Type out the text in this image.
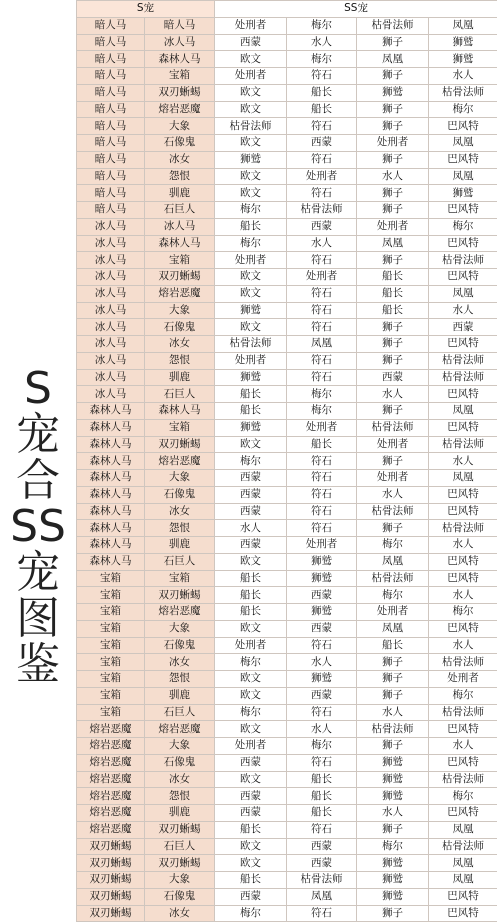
S
宠
合
SS
宠
图
鉴
S宠		SS宠			
暗人马	暗人马	处刑者	梅尔	枯骨法师	凤凰
暗人马	冰人马	西蒙	水人	狮子	狮鹫
暗人马	森林人马	欧文	梅尔	凤凰	狮鹫
暗人马	宝箱	处刑者	符石	狮子	水人
暗人马	双刃蜥蜴	欧文	船长	狮鹫	枯骨法师
暗人马	熔岩恶魔	欧文	船长	狮子	梅尔
暗人马	大象	枯骨法师	符石	狮子	巴风特
暗人马	石像鬼	欧文	西蒙	处刑者	凤凰
暗人马	冰女	狮鹫	符石	狮子	巴风特
暗人马	怨恨	欧文	处刑者	水人	凤凰
暗人马	驯鹿	欧文	符石	狮子	狮鹫
暗人马	石巨人	梅尔	枯骨法师	狮子	巴风特
冰人马	冰人马	船长	西蒙	处刑者	梅尔
冰人马	森林人马	梅尔	水人	凤凰	巴风特
冰人马	宝箱	处刑者	符石	狮子	枯骨法师
冰人马	双刃蜥蜴	欧文	处刑者	船长	巴风特
冰人马	熔岩恶魔	欧文	符石	船长	凤凰
冰人马	大象	狮鹫	符石	船长	水人
冰人马	石像鬼	欧文	符石	狮子	西蒙
冰人马	冰女	枯骨法师	凤凰	狮子	巴风特
冰人马	怨恨	处刑者	符石	狮子	枯骨法师
冰人马	驯鹿	狮鹫	符石	西蒙	枯骨法师
冰人马	石巨人	船长	梅尔	水人	巴风特
森林人马	森林人马	船长	梅尔	狮子	凤凰
森林人马	宝箱	狮鹫	处刑者	枯骨法师	巴风特
森林人马	双刃蜥蜴	欧文	船长	处刑者	枯骨法师
森林人马	熔岩恶魔	梅尔	符石	狮子	水人
森林人马	大象	西蒙	符石	处刑者	凤凰
森林人马	石像鬼	西蒙	符石	水人	巴风特
森林人马	冰女	西蒙	符石	枯骨法师	巴风特
森林人马	怨恨	水人	符石	狮子	枯骨法师
森林人马	驯鹿	西蒙	处刑者	梅尔	水人
森林人马	石巨人	欧文	狮鹫	凤凰	巴风特
宝箱	宝箱	船长	狮鹫	枯骨法师	巴风特
宝箱	双刃蜥蜴	船长	西蒙	梅尔	水人
宝箱	熔岩恶魔	船长	狮鹫	处刑者	梅尔
宝箱	大象	欧文	西蒙	凤凰	巴风特
宝箱	石像鬼	处刑者	符石	船长	水人
宝箱	冰女	梅尔	水人	狮子	枯骨法师
宝箱	怨恨	欧文	狮鹫	狮子	处刑者
宝箱	驯鹿	欧文	西蒙	狮子	梅尔
宝箱	石巨人	梅尔	符石	水人	枯骨法师
熔岩恶魔	熔岩恶魔	欧文	水人	枯骨法师	巴风特
熔岩恶魔	大象	处刑者	梅尔	狮子	水人
熔岩恶魔	石像鬼	西蒙	符石	狮鹫	巴风特
熔岩恶魔	冰女	欧文	船长	狮鹫	枯骨法师
熔岩恶魔	怨恨	西蒙	船长	狮鹫	梅尔
熔岩恶魔	驯鹿	西蒙	船长	水人	巴风特
熔岩恶魔	双刃蜥蜴	船长	符石	狮子	凤凰
双刃蜥蜴	石巨人	欧文	西蒙	梅尔	枯骨法师
双刃蜥蜴	双刃蜥蜴	欧文	西蒙	狮鹫	凤凰
双刃蜥蜴	大象	船长	枯骨法师	狮鹫	凤凰
双刃蜥蜴	石像鬼	西蒙	凤凰	狮鹫	巴风特
双刃蜥蜴	冰女	梅尔	符石	狮子	巴风特
